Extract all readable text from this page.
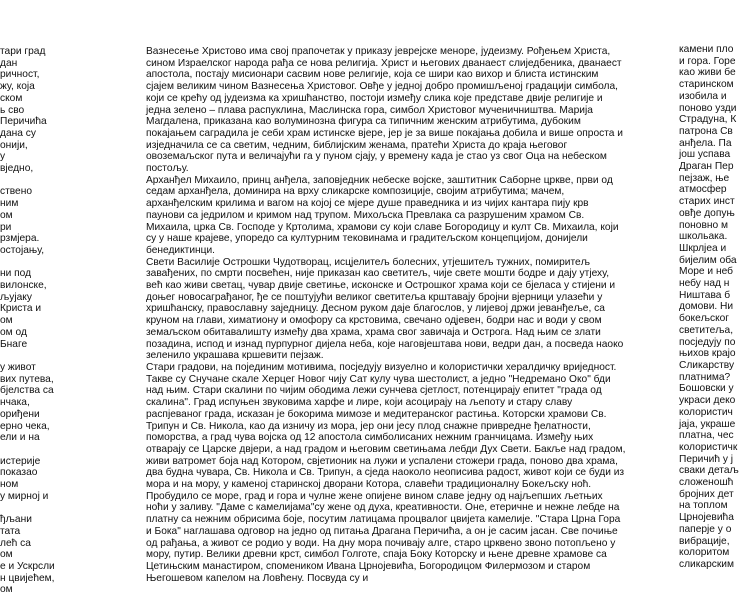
тари град
дан
ричност,
жу, која
ском
ь сво
Перичића
дана су
онији,
у
вједно,

ствено
ним
ом
ри
рзмјера.
остојању,

ни под
вилонске,
љујаку
Криста и
ом
ом од
Бнаге

у живот
вих путева,
бјелства са
нчака,
ориђени
ерно чека,
ели и на

истерије
показао
ном
у мирној и

ђљани
тата
лећ са
ом
е и Ускрсли
н цвијећем,
ом
Вазнесење Христово има свој прапочетак у приказу јеврејске меноре, јудеизму. Рођењем Христа, сином Израелског народа рађа се нова религија. Христ и његових дванаест слиједбеника, дванаест апостола, постају мисионари сасвим нове религије, која се шири као вихор и блиста истинским сјајем великим чином Вазнесења Христовог. Овђе у једној добро промишљеној градацији симбола, који се крећу од јудеизма ка хришћанство, постоји између слика које представе двије религије и једна зелено – плава распуклина, Маслинска гора, симбол Христовог мученичништва. Марија Магдалена, приказана као волуминозна фигура са типичним женским атрибутима, дубоким покајањем сагрaдила је себи храм истинске вјере, јер је за више покајања добила и више опроста и изједначила се са светим, чедним, библијским женама, пратећи Христа до краја његовог овоземаљског пута и величајући га у пуном сјају, у времену када је стао уз свог Оца на небеском постољу.
Арханђел Михаило, принц анђела, заповједник небеске војске, заштитник Саборне цркве, први од седам арханђела, доминира на врху сликарске композиције, својим атрибутима; мачем, арханђелским крилима и вагом на којој се мјере душе праведника и из чијих кантара пију крв паунови са једрилом и кримом над трупом. Михољска Превлака са разрушеним храмом Св. Михаила, црка Св. Господе у Кртолима, храмови су који славе Богородицу и култ Св. Михаила, који су у наше крајеве, упоредо са културним тековинама и градитељском концепцијом, донијели бенедиктинци.
Свети Василије Острошки Чудотворац, исцјелитељ болесних, утјешитељ тужних, помиритељ завађених, по смрти посвећен, није приказан као светитељ, чије свете мошти бодре и дају утјеху, већ као живи светац, чувар двије светиње, исконске и Острошког храма који се бјеласа у стијени и доњег новосаграђаног, ђе се поштујући великог светитеља крштавају бројни вјерници улазећи у хришћанску, православну заједницу. Десном руком даје благослов, у лијевој држи јеванђеље, са круном на глави, химатиону и омофору са крстовима, свечано одјевен, бодри нас и води у свом земаљском обитавалишту између два храма, храма свог завичаја и Острога. Над њим се злати позадина, испод и изнад пурпурног дијела неба, које наговјештава нови, ведри дан, а посведа наоко зеленило украшава кршевити пејзаж.
Стари градови, на појединим мотивима, посједују визуелно и колористички хералдичку вриједност. Такве су Снучане скале Херцег Новог чију Сат кулу чува шестолист, а једно "Недремано Око" бди над њим. Стари скалини по чијим ободима лежи сунчева сјетлост, потенцирају епитет "града од скалина". Град испуњен звуковима харфе и лире, који асоцирају на љепоту и стару славу распјеваног града, исказан је бокорима мимозе и медитеранског растиња. Которски храмови Св. Трипун и Св. Никола, као да изничу из мора, јер они јесу плод снажне привредне ђелатности, поморства, а град чува војска од 12 апостола симболисаних нежним гранчицама. Између њих отварају се Царске двјери, а над градом и његовим светињама лебди Дух Свети. Бакље над градом, живи ватромет боја над Котором, свјетионик на лужи и успалени стожери града, поново два храма, два будна чувара, Св. Никола и Св. Трипун, а сједа наоколо неописива радост, живот који се буди из мора и на мору, у каменој старинској дворани Котора, славећи традиционалну Бокељску ноћ. Пробудило се море, град и гора и чулне жене опијене вином славе једну од најљепших љетњих ноћи у заливу. "Даме с камелијама"су жене од духа, креативности. Оне, етеричне и нежне лебде на платну са нежним обрисима боје, посутим латицама процвалог цвијета камелије. "Стара Црна Гора и Бока" наглашава одговор на једно од питања Драгана Перичића, а он је сасим јасан. Све почиње од рађања, а живот се родио у води. На дну мора почивају алге, старо црквено звоно потопљено у мору, путир. Велики древни крст, симбол Голготе, спаја Боку Которску и њене древне храмове са Цетињским манастиром, спомеником Ивана Црнојевића, Богородицом Филермозом и старом Његошевом капелом на Ловћену. Посвуда су и
камени пло
и гора. Горе
као живи бе
старинском
изобила и
поново узди
Страдуна, К
патрона Св
анђела. Па
још успава
Драган Пер
пејзаж, ње
атмосфер
старих инст
овђе допуњ
поновно м
школьака.
Шкрлјеа и
бијелим оба
Море и неб
небу над н
Ништава б
домови. Ни
бокељског
светитеља,
посједују по
њихов крајо
Сликарству
платнима?
Бошовски у
украси деко
колористич
јаја, украше
платна, чес
колористичк
Перичић у ј
сваки детаљ
сложеношћ
бројних дет
на топлом
Црнојевића
паперје у о
вибрације,
колоритом
сликарским
